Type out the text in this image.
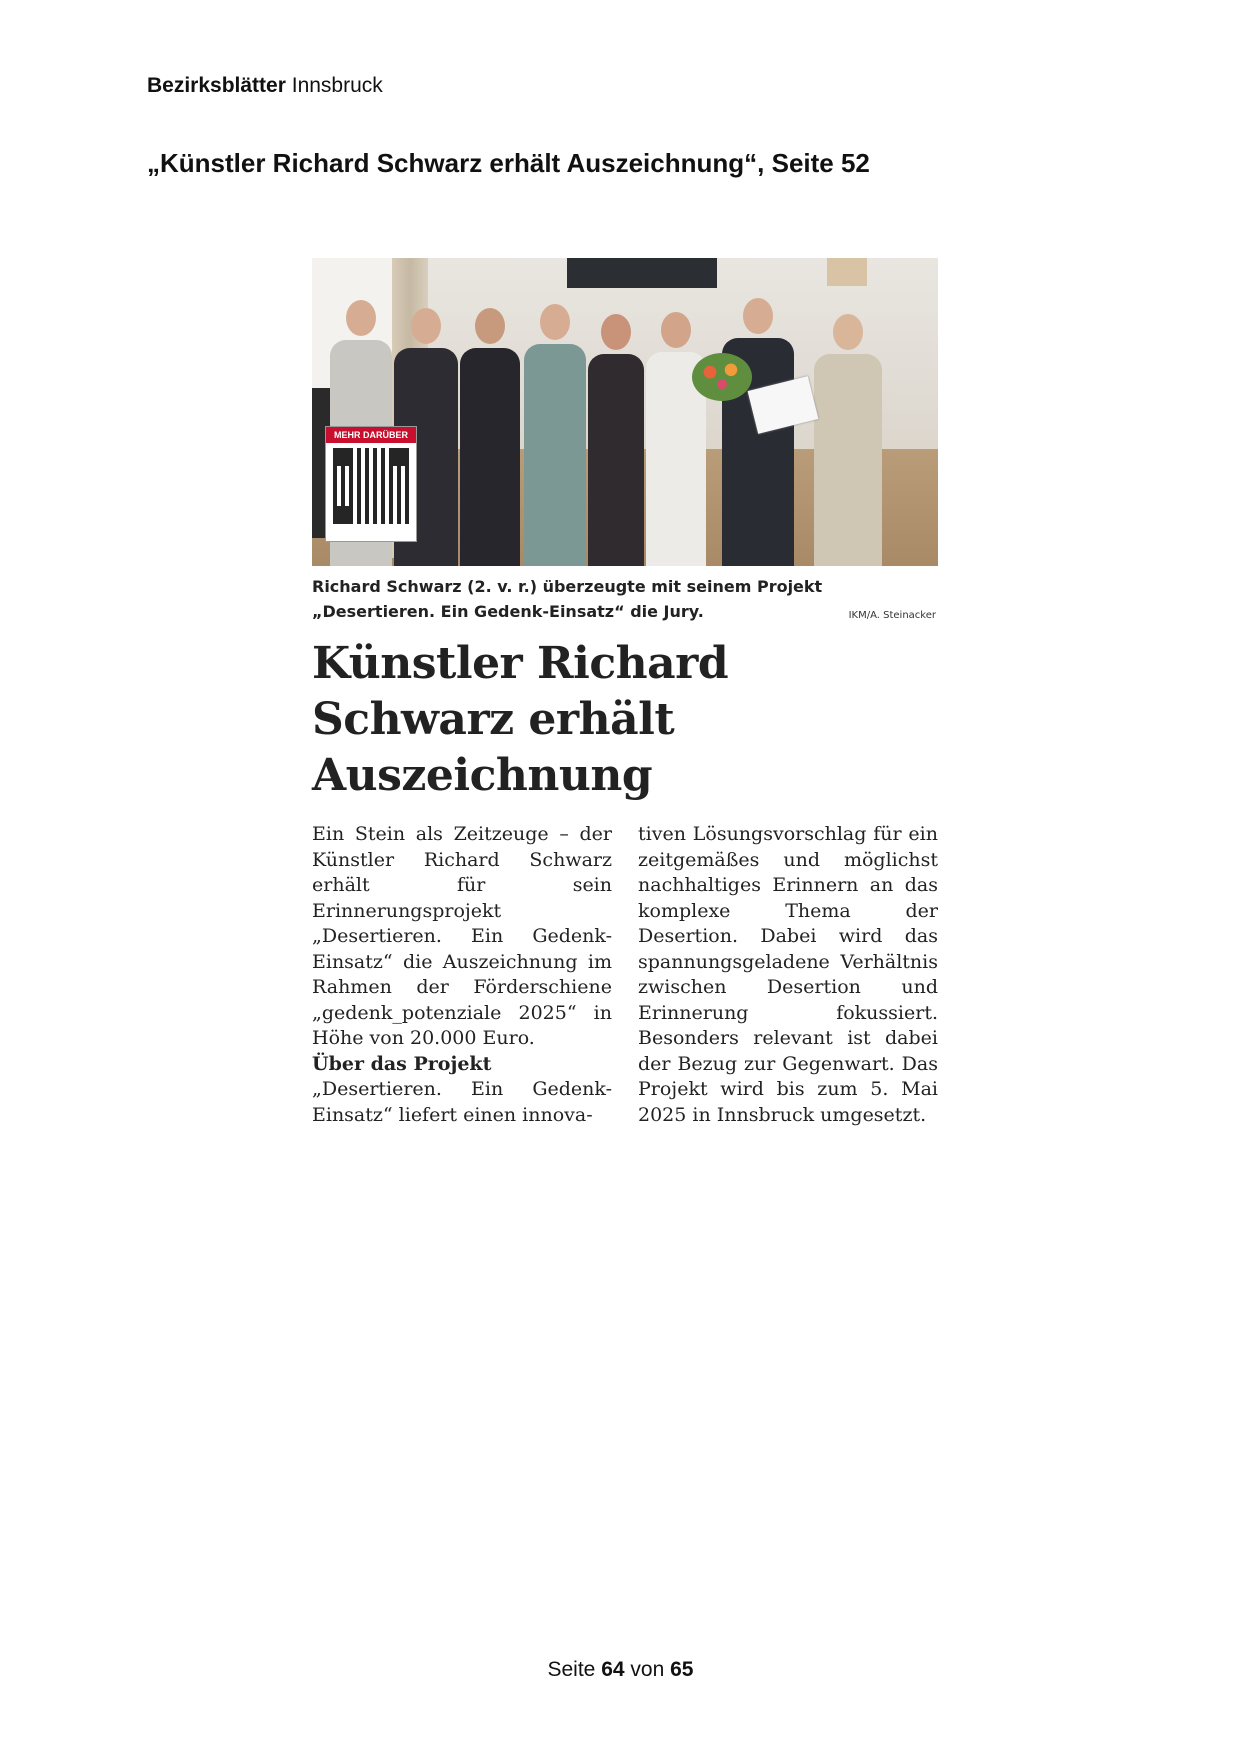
Bezirksblätter Innsbruck
„Künstler Richard Schwarz erhält Auszeichnung“, Seite 52
MEHR DARÜBER

Richard Schwarz (2. v. r.) überzeugte mit seinem Projekt „Desertieren. Ein Gedenk-Einsatz“ die Jury.	IKM/A. Steinacker
Künstler Richard Schwarz erhält Auszeichnung

Ein Stein als Zeitzeuge – der Künstler Richard Schwarz erhält für sein Erinnerungsprojekt „Desertieren. Ein Gedenk-Einsatz“ die Auszeichnung im Rahmen der Förderschiene „gedenk_potenziale 2025“ in Höhe von 20.000 Euro.

Über das Projekt

„Desertieren. Ein Gedenk-Einsatz“ liefert einen innova-

tiven Lösungsvorschlag für ein zeitgemäßes und möglichst nachhaltiges Erinnern an das komplexe Thema der Desertion. Dabei wird das spannungsgeladene Verhältnis zwischen Desertion und Erinnerung fokussiert. Besonders relevant ist dabei der Bezug zur Gegenwart. Das Projekt wird bis zum 5. Mai 2025 in Innsbruck umgesetzt.

Seite 64 von 65
